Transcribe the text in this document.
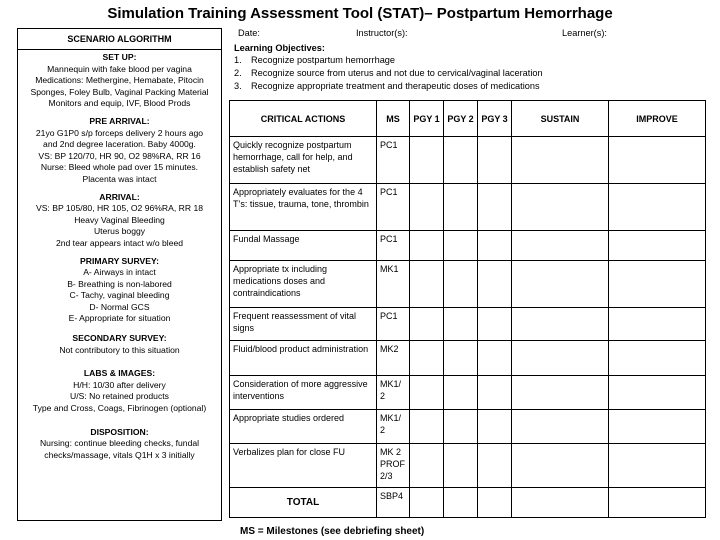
Simulation Training Assessment Tool (STAT)– Postpartum Hemorrhage
SCENARIO ALGORITHM
SET UP:
Mannequin with fake blood per vagina
Medications: Methergine, Hemabate, Pitocin
Sponges, Foley Bulb, Vaginal Packing Material
Monitors and equip, IVF, Blood Prods
PRE ARRIVAL:
21yo G1P0 s/p forceps delivery 2 hours ago
and 2nd degree laceration. Baby 4000g.
VS: BP 120/70, HR 90, O2 98%RA, RR 16
Nurse: Bleed whole pad over 15 minutes.
Placenta was intact
ARRIVAL:
VS: BP 105/80, HR 105, O2 96%RA, RR 18
Heavy Vaginal Bleeding
Uterus boggy
2nd tear appears intact w/o bleed
PRIMARY SURVEY:
A- Airways in intact
B- Breathing is non-labored
C- Tachy, vaginal bleeding
D- Normal GCS
E- Appropriate for situation
SECONDARY SURVEY:
Not contributory to this situation
LABS & IMAGES:
H/H: 10/30 after delivery
U/S: No retained products
Type and Cross, Coags, Fibrinogen (optional)
DISPOSITION:
Nursing: continue bleeding checks, fundal
checks/massage, vitals Q1H x 3 initially
Date:	Instructor(s):	Learner(s):
Learning Objectives:
1. Recognize postpartum hemorrhage
2. Recognize source from uterus and not due to cervical/vaginal laceration
3. Recognize appropriate treatment and therapeutic doses of medications
CRITICAL ACTIONS	MS	PGY 1	PGY 2	PGY 3	SUSTAIN	IMPROVE
Quickly recognize postpartum hemorrhage, call for help, and establish safety net	PC1					
Appropriately evaluates for the 4 T’s: tissue, trauma, tone, thrombin	PC1					
Fundal Massage	PC1					
Appropriate tx including medications doses and contraindications	MK1					
Frequent reassessment of vital signs	PC1					
Fluid/blood product administration	MK2					
Consideration of more aggressive interventions	MK1/ 2					
Appropriate studies ordered	MK1/ 2					
Verbalizes plan for close FU	MK 2 PROF 2/3					
TOTAL	SBP4					
MS = Milestones (see debriefing sheet)
